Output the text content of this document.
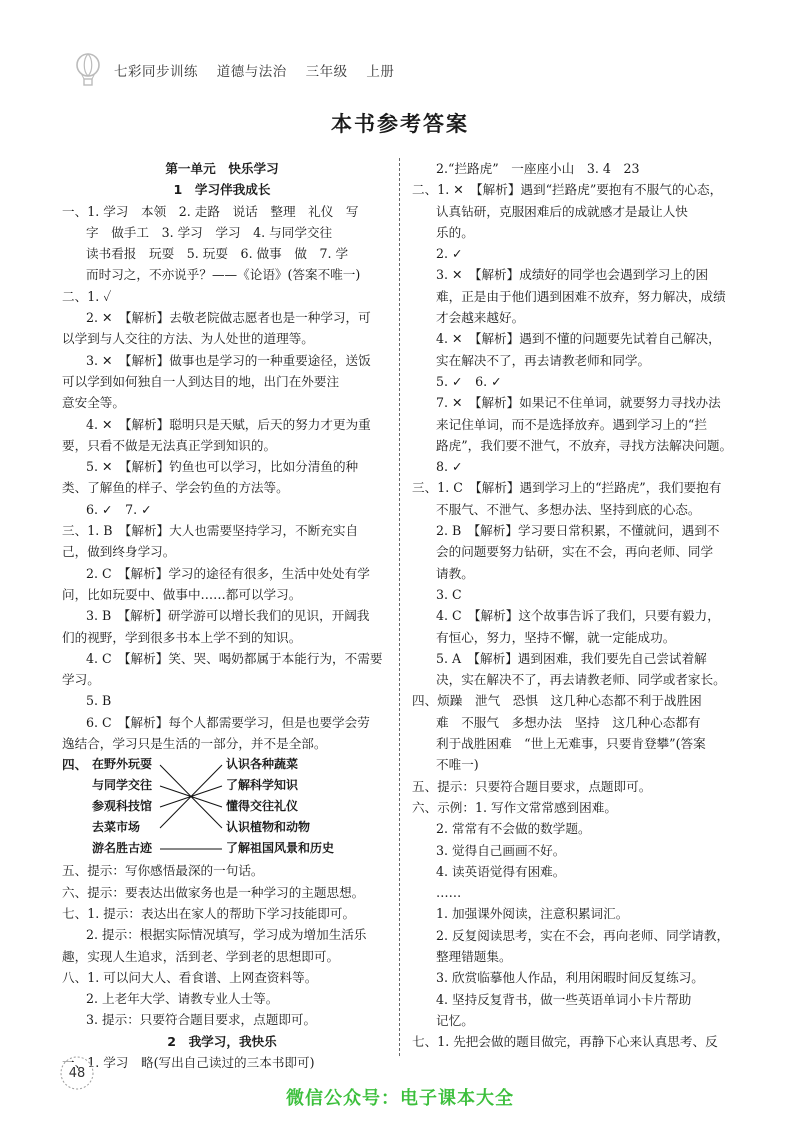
七彩同步训练 道德与法治 三年级 上册
本书参考答案
第一单元　快乐学习
1　学习伴我成长
一、1. 学习　本领　2. 走路　说话　整理　礼仪　写
字　做手工　3. 学习　学习　4. 与同学交往
读书看报　玩耍　5. 玩耍　6. 做事　做　7. 学
而时习之，不亦说乎？——《论语》(答案不唯一)
二、1. ✓
2. ✕　【解析】去敬老院做志愿者也是一种学习，可
以学到与人交往的方法、为人处世的道理等。
3. ✕　【解析】做事也是学习的一种重要途径，送饭
可以学到如何独自一人到达目的地，出门在外要注
意安全等。
4. ✕　【解析】聪明只是天赋，后天的努力才更为重
要，只看不做是无法真正学到知识的。
5. ✕　【解析】钓鱼也可以学习，比如分清鱼的种
类、了解鱼的样子、学会钓鱼的方法等。
6. ✓　7. ✓
三、1. B　【解析】大人也需要坚持学习，不断充实自
己，做到终身学习。
2. C　【解析】学习的途径有很多，生活中处处有学
问，比如玩耍中、做事中……都可以学习。
3. B　【解析】研学游可以增长我们的见识，开阔我
们的视野，学到很多书本上学不到的知识。
4. C　【解析】笑、哭、喝奶都属于本能行为，不需要
学习。
5. B
6. C　【解析】每个人都需要学习，但是也要学会劳
逸结合，学习只是生活的一部分，并不是全部。
四、 在野外玩耍
与同学交往
参观科技馆
去菜市场
游名胜古迹
认识各种蔬菜
了解科学知识
懂得交往礼仪
认识植物和动物
了解祖国风景和历史
五、提示：写你感悟最深的一句话。
六、提示：要表达出做家务也是一种学习的主题思想。
七、1. 提示：表达出在家人的帮助下学习技能即可。
2. 提示：根据实际情况填写，学习成为增加生活乐
趣，实现人生追求，活到老、学到老的思想即可。
八、1. 可以问大人、看食谱、上网查资料等。
2. 上老年大学、请教专业人士等。
3. 提示：只要符合题目要求，点题即可。
2　我学习，我快乐
一、1. 学习　略(写出自己读过的三本书即可)
2.“拦路虎”　一座座小山　3. 4　23
二、1. ✕　【解析】遇到“拦路虎”要抱有不服气的心态，
认真钻研，克服困难后的成就感才是最让人快
乐的。
2. ✓
3. ✕　【解析】成绩好的同学也会遇到学习上的困
难，正是由于他们遇到困难不放弃，努力解决，成绩
才会越来越好。
4. ✕　【解析】遇到不懂的问题要先试着自己解决，
实在解决不了，再去请教老师和同学。
5. ✓　6. ✓
7. ✕　【解析】如果记不住单词，就要努力寻找办法
来记住单词，而不是选择放弃。遇到学习上的“拦
路虎”，我们要不泄气，不放弃，寻找方法解决问题。
8. ✓
三、1. C　【解析】遇到学习上的“拦路虎”，我们要抱有
不服气、不泄气、多想办法、坚持到底的心态。
2. B　【解析】学习要日常积累，不懂就问，遇到不
会的问题要努力钻研，实在不会，再向老师、同学
请教。
3. C
4. C　【解析】这个故事告诉了我们，只要有毅力，
有恒心，努力，坚持不懈，就一定能成功。
5. A　【解析】遇到困难，我们要先自己尝试着解
决，实在解决不了，再去请教老师、同学或者家长。
四、烦躁　泄气　恐惧　这几种心态都不利于战胜困
难　不服气　多想办法　坚持　这几种心态都有
利于战胜困难　“世上无难事，只要肯登攀”(答案
不唯一)
五、提示：只要符合题目要求，点题即可。
六、示例：1. 写作文常常感到困难。
2. 常常有不会做的数学题。
3. 觉得自己画画不好。
4. 读英语觉得有困难。
……
1. 加强课外阅读，注意积累词汇。
2. 反复阅读思考，实在不会，再向老师、同学请教，
整理错题集。
3. 欣赏临摹他人作品，利用闲暇时间反复练习。
4. 坚持反复背书，做一些英语单词小卡片帮助
记忆。
七、1. 先把会做的题目做完，再静下心来认真思考、反
48
微信公众号：电子课本大全
